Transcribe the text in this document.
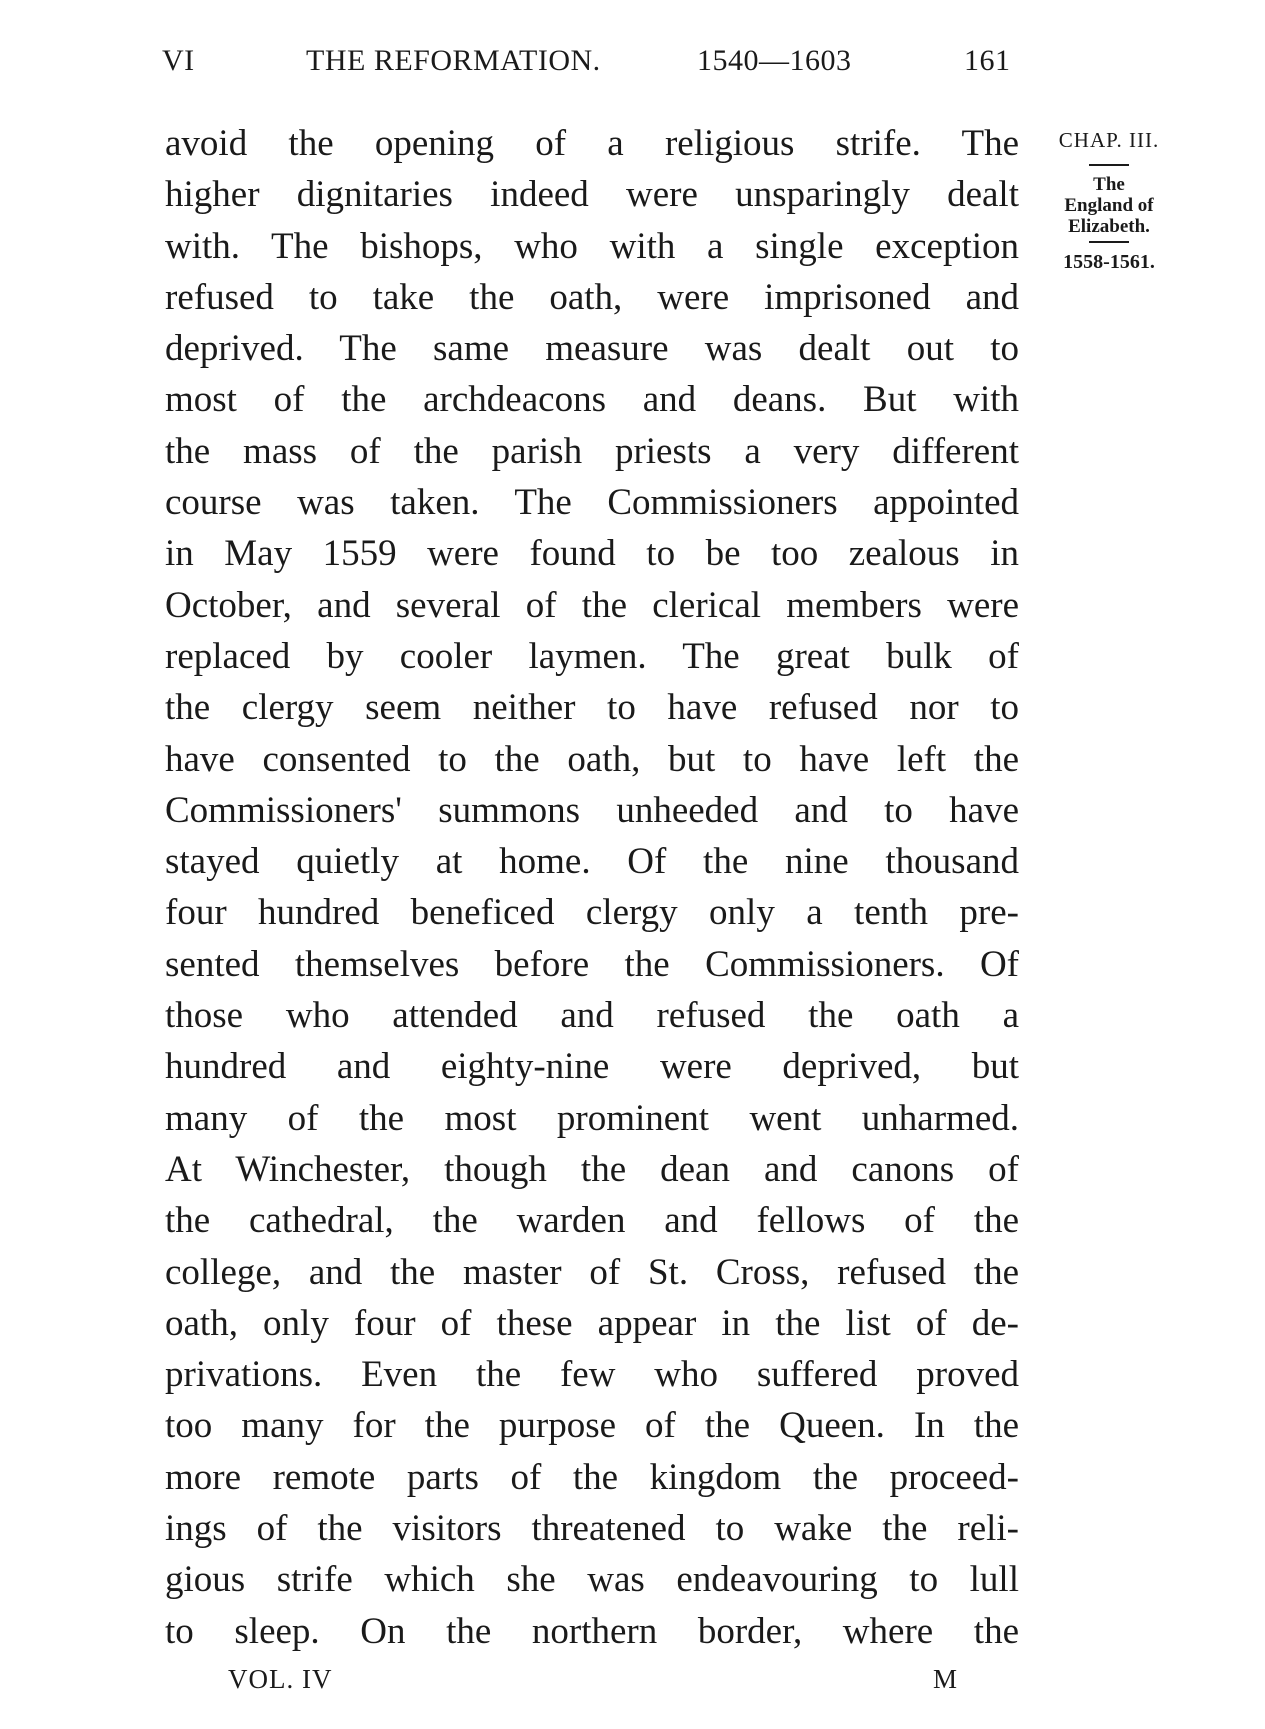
VI	THE REFORMATION.	1540—1603	161
avoid the opening of a religious strife. The
higher dignitaries indeed were unsparingly dealt
with. The bishops, who with a single exception
refused to take the oath, were imprisoned and
deprived. The same measure was dealt out to
most of the archdeacons and deans. But with
the mass of the parish priests a very different
course was taken. The Commissioners appointed
in May 1559 were found to be too zealous in
October, and several of the clerical members were
replaced by cooler laymen. The great bulk of
the clergy seem neither to have refused nor to
have consented to the oath, but to have left the
Commissioners' summons unheeded and to have
stayed quietly at home. Of the nine thousand
four hundred beneficed clergy only a tenth pre-
sented themselves before the Commissioners. Of
those who attended and refused the oath a
hundred and eighty-nine were deprived, but
many of the most prominent went unharmed.
At Winchester, though the dean and canons of
the cathedral, the warden and fellows of the
college, and the master of St. Cross, refused the
oath, only four of these appear in the list of de-
privations. Even the few who suffered proved
too many for the purpose of the Queen. In the
more remote parts of the kingdom the proceed-
ings of the visitors threatened to wake the reli-
gious strife which she was endeavouring to lull
to sleep. On the northern border, where the
CHAP. III.
The
England of
Elizabeth.
1558-1561.
VOL. IV	M
